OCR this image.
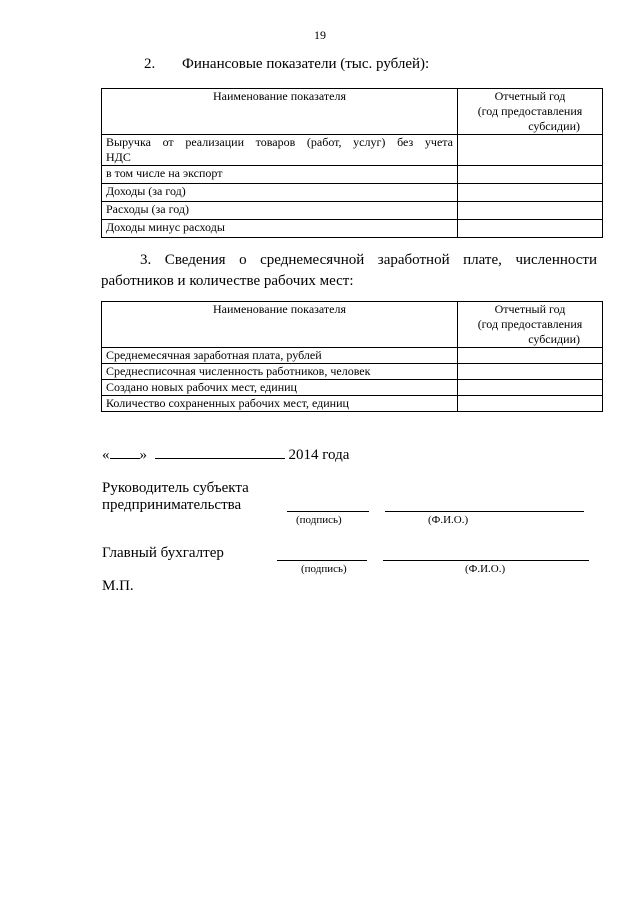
19
2. Финансовые показатели (тыс. рублей):
Наименование показателя	Отчетный год
(год предоставления
субсидии)

Выручка от реализации товаров (работ, услуг) без учета
НДС	

в том числе на экспорт	
Доходы (за год)	
Расходы (за год)	
Доходы минус расходы	
3. Сведения о среднемесячной заработной плате, численности
работников и количестве рабочих мест:
Наименование показателя	Отчетный год
(год предоставления
субсидии)

Среднемесячная заработная плата, рублей	
Среднесписочная численность работников, человек	
Создано новых рабочих мест, единиц	
Количество сохраненных рабочих мест, единиц	
« »	2014 года
Руководитель субъекта
предпринимательства
(подпись)	(Ф.И.О.)
Главный бухгалтер
(подпись)	(Ф.И.О.)
М.П.
